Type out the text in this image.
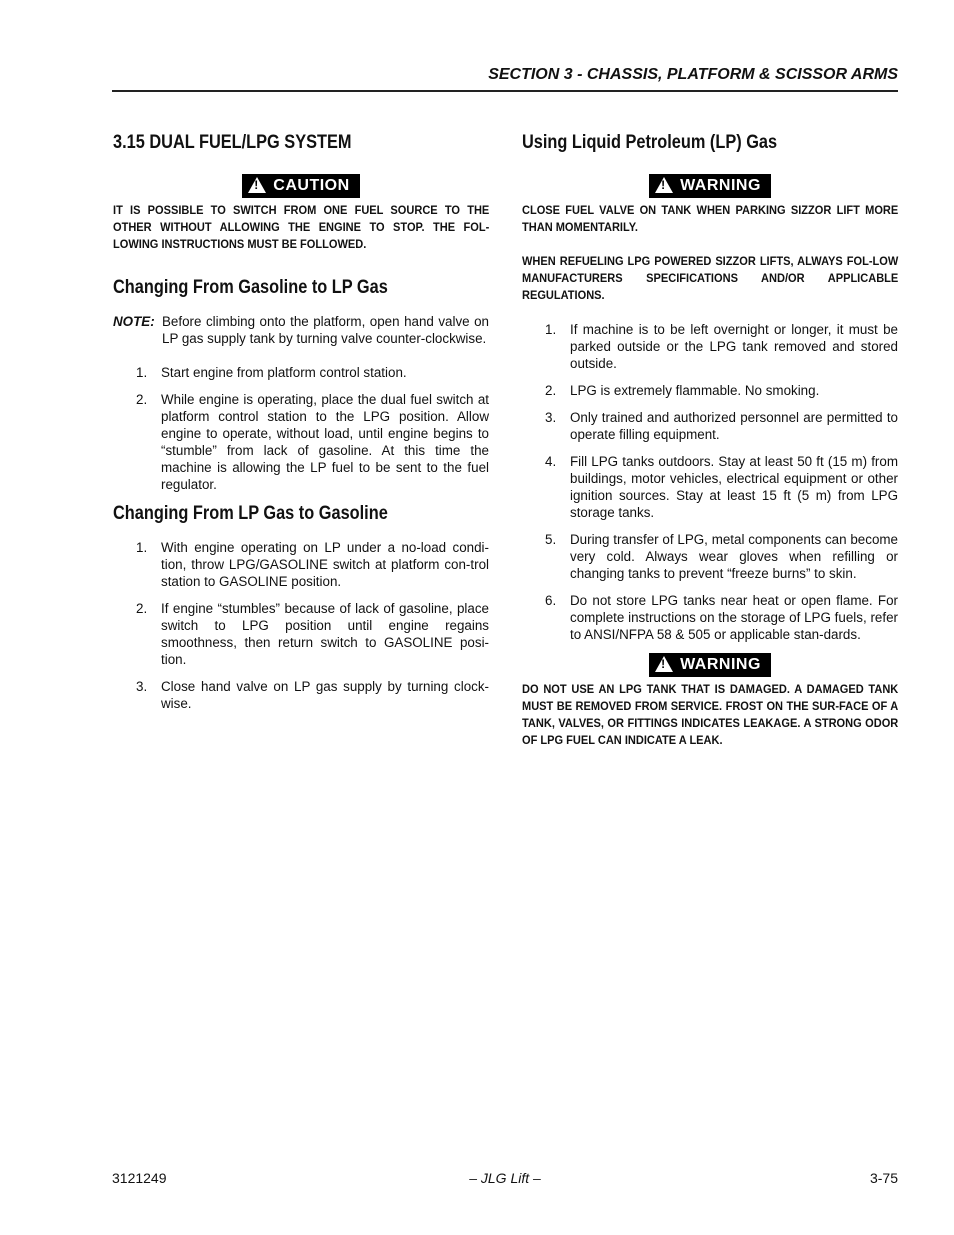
SECTION 3 - CHASSIS, PLATFORM & SCISSOR ARMS
3.15 DUAL FUEL/LPG SYSTEM
!CAUTION

IT IS POSSIBLE TO SWITCH FROM ONE FUEL SOURCE TO THE OTHER WITHOUT ALLOWING THE ENGINE TO STOP. THE FOL-LOWING INSTRUCTIONS MUST BE FOLLOWED.

Changing From Gasoline to LP Gas
NOTE: Before climbing onto the platform, open hand valve on LP gas supply tank by turning valve counter-clockwise.
1.	Start engine from platform control station.
2.	While engine is operating, place the dual fuel switch at platform control station to the LPG position. Allow engine to operate, without load, until engine begins to “stumble” from lack of gasoline. At this time the machine is allowing the LP fuel to be sent to the fuel regulator.
Changing From LP Gas to Gasoline
1.	With engine operating on LP under a no-load condi-tion, throw LPG/GASOLINE switch at platform con-trol station to GASOLINE position.
2.	If engine “stumbles” because of lack of gasoline, place switch to LPG position until engine regains smoothness, then return switch to GASOLINE posi-tion.
3.	Close hand valve on LP gas supply by turning clock-wise.
Using Liquid Petroleum (LP) Gas
!WARNING

CLOSE FUEL VALVE ON TANK WHEN PARKING SIZZOR LIFT MORE THAN MOMENTARILY.

WHEN REFUELING LPG POWERED SIZZOR LIFTS, ALWAYS FOL-LOW MANUFACTURERS SPECIFICATIONS AND/OR APPLICABLE REGULATIONS.

1.	If machine is to be left overnight or longer, it must be parked outside or the LPG tank removed and stored outside.
2.	LPG is extremely flammable. No smoking.
3.	Only trained and authorized personnel are permitted to operate filling equipment.
4.	Fill LPG tanks outdoors. Stay at least 50 ft (15 m) from buildings, motor vehicles, electrical equipment or other ignition sources. Stay at least 15 ft (5 m) from LPG storage tanks.
5.	During transfer of LPG, metal components can become very cold. Always wear gloves when refilling or changing tanks to prevent “freeze burns” to skin.
6.	Do not store LPG tanks near heat or open flame. For complete instructions on the storage of LPG fuels, refer to ANSI/NFPA 58 & 505 or applicable stan-dards.
!WARNING

DO NOT USE AN LPG TANK THAT IS DAMAGED. A DAMAGED TANK MUST BE REMOVED FROM SERVICE. FROST ON THE SUR-FACE OF A TANK, VALVES, OR FITTINGS INDICATES LEAKAGE. A STRONG ODOR OF LPG FUEL CAN INDICATE A LEAK.

3121249	– JLG Lift –	3-75
